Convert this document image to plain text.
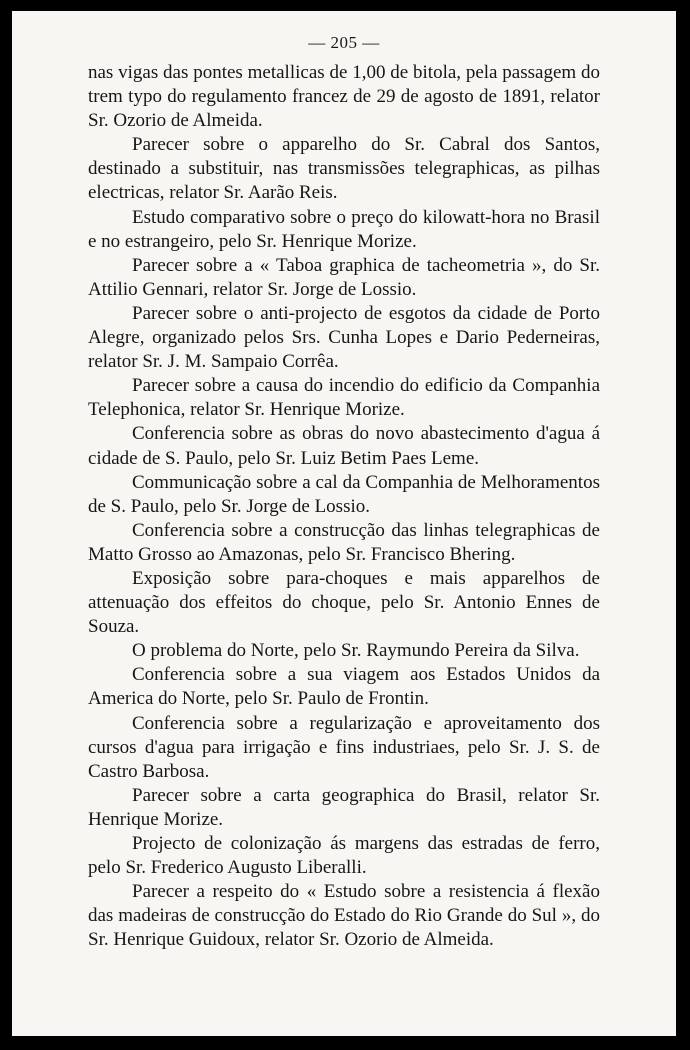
— 205 —

nas vigas das pontes metallicas de 1,00 de bitola, pela passagem do trem typo do regulamento francez de 29 de agosto de 1891, relator Sr. Ozorio de Almeida.

Parecer sobre o apparelho do Sr. Cabral dos Santos, destinado a substituir, nas transmissões telegraphicas, as pilhas electricas, relator Sr. Aarão Reis.

Estudo comparativo sobre o preço do kilowatt-hora no Brasil e no estrangeiro, pelo Sr. Henrique Morize.

Parecer sobre a « Taboa graphica de tacheometria », do Sr. Attilio Gennari, relator Sr. Jorge de Lossio.

Parecer sobre o anti-projecto de esgotos da cidade de Porto Alegre, organizado pelos Srs. Cunha Lopes e Dario Pederneiras, relator Sr. J. M. Sampaio Corrêa.

Parecer sobre a causa do incendio do edificio da Companhia Telephonica, relator Sr. Henrique Morize.

Conferencia sobre as obras do novo abastecimento d'agua á cidade de S. Paulo, pelo Sr. Luiz Betim Paes Leme.

Communicação sobre a cal da Companhia de Melhoramentos de S. Paulo, pelo Sr. Jorge de Lossio.

Conferencia sobre a construcção das linhas telegraphicas de Matto Grosso ao Amazonas, pelo Sr. Francisco Bhering.

Exposição sobre para-choques e mais apparelhos de attenuação dos effeitos do choque, pelo Sr. Antonio Ennes de Souza.

O problema do Norte, pelo Sr. Raymundo Pereira da Silva.

Conferencia sobre a sua viagem aos Estados Unidos da America do Norte, pelo Sr. Paulo de Frontin.

Conferencia sobre a regularização e aproveitamento dos cursos d'agua para irrigação e fins industriaes, pelo Sr. J. S. de Castro Barbosa.

Parecer sobre a carta geographica do Brasil, relator Sr. Henrique Morize.

Projecto de colonização ás margens das estradas de ferro, pelo Sr. Frederico Augusto Liberalli.

Parecer a respeito do « Estudo sobre a resistencia á flexão das madeiras de construcção do Estado do Rio Grande do Sul », do Sr. Henrique Guidoux, relator Sr. Ozorio de Almeida.
